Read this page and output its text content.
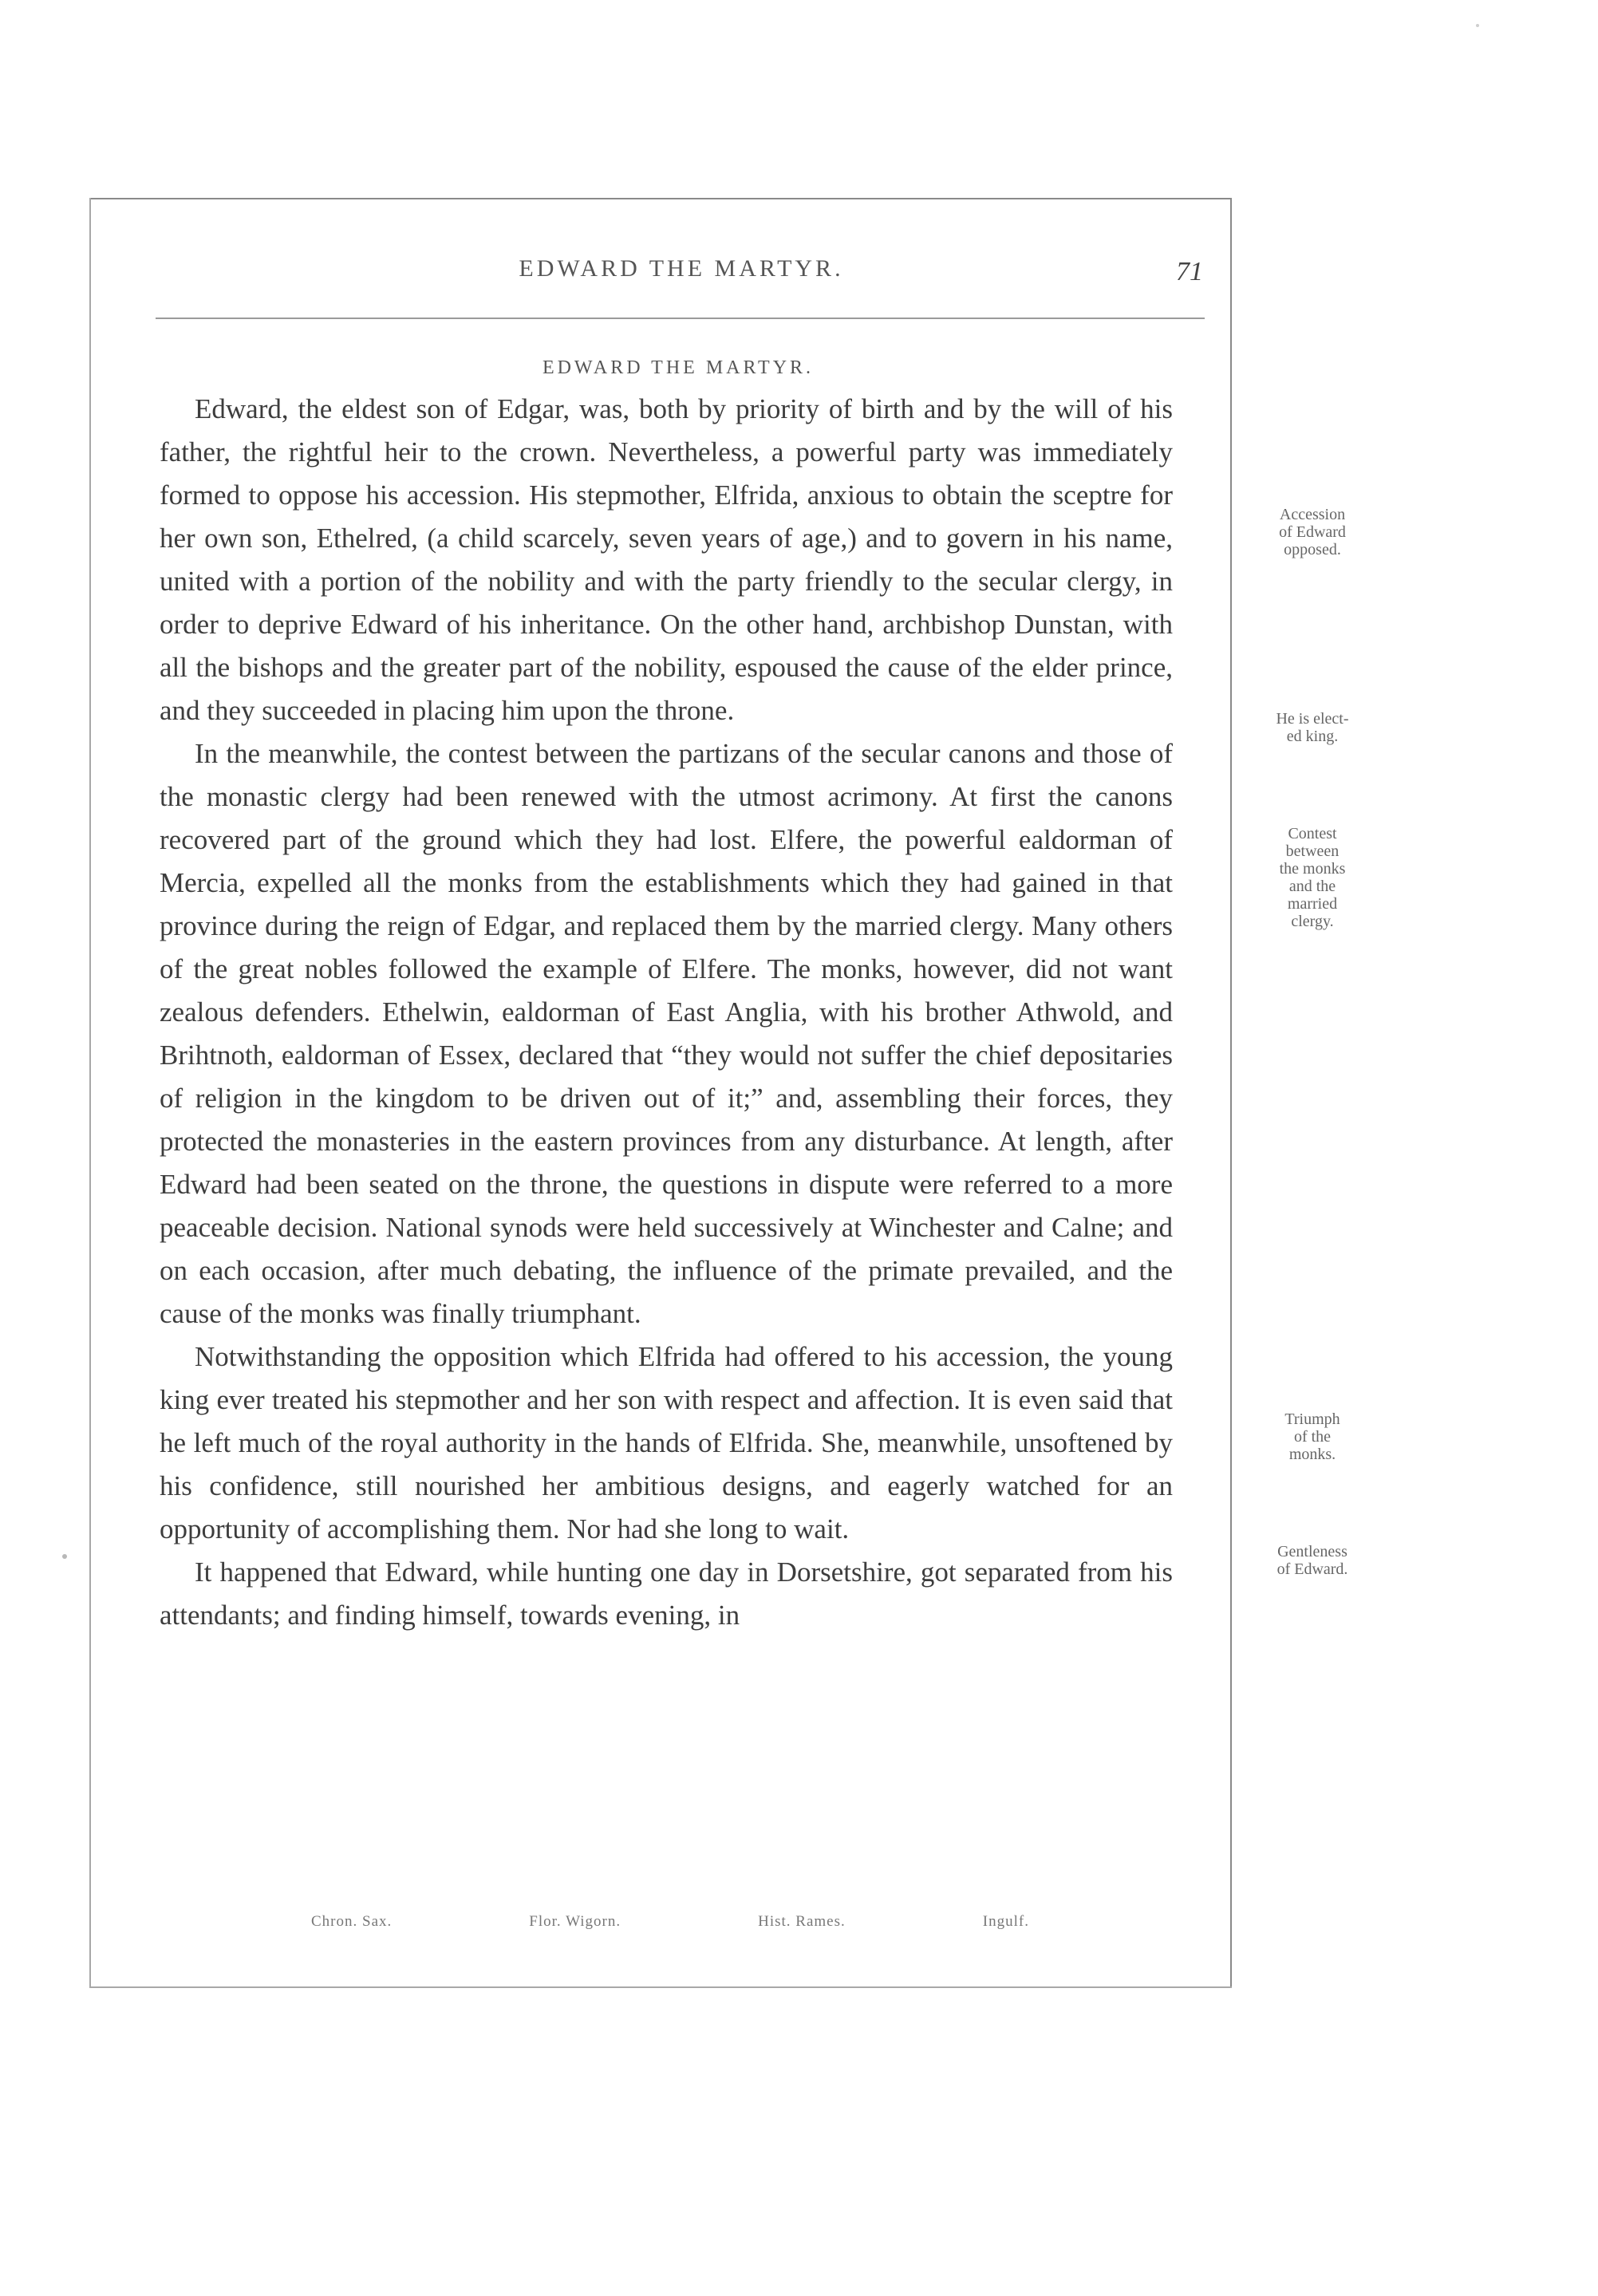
EDWARD THE MARTYR.	71
EDWARD THE MARTYR.

Edward, the eldest son of Edgar, was, both by priority of birth and by the will of his father, the rightful heir to the crown. Nevertheless, a powerful party was immediately formed to oppose his accession. His stepmother, Elfrida, anxious to obtain the sceptre for her own son, Ethelred, (a child scarcely, seven years of age,) and to govern in his name, united with a portion of the nobility and with the party friendly to the secular clergy, in order to deprive Edward of his inheritance. On the other hand, archbishop Dunstan, with all the bishops and the greater part of the nobility, espoused the cause of the elder prince, and they succeeded in placing him upon the throne.

In the meanwhile, the contest between the partizans of the secular canons and those of the monastic clergy had been renewed with the utmost acrimony. At first the canons recovered part of the ground which they had lost. Elfere, the powerful ealdorman of Mercia, expelled all the monks from the establishments which they had gained in that province during the reign of Edgar, and replaced them by the married clergy. Many others of the great nobles followed the example of Elfere. The monks, however, did not want zealous defenders. Ethelwin, ealdorman of East Anglia, with his brother Athwold, and Brihtnoth, ealdorman of Essex, declared that “they would not suffer the chief depositaries of religion in the kingdom to be driven out of it;” and, assembling their forces, they protected the monasteries in the eastern provinces from any disturbance. At length, after Edward had been seated on the throne, the questions in dispute were referred to a more peaceable decision. National synods were held successively at Winchester and Calne; and on each occasion, after much debating, the influence of the primate prevailed, and the cause of the monks was finally triumphant.

Notwithstanding the opposition which Elfrida had offered to his accession, the young king ever treated his stepmother and her son with respect and affection. It is even said that he left much of the royal authority in the hands of Elfrida. She, meanwhile, unsoftened by his confidence, still nourished her ambitious designs, and eagerly watched for an opportunity of accomplishing them. Nor had she long to wait.

It happened that Edward, while hunting one day in Dorsetshire, got separated from his attendants; and finding himself, towards evening, in

Accession
of Edward
opposed.
He is elect-
ed king.
Contest
between
the monks
and the
married
clergy.
Triumph
of the
monks.
Gentleness
of Edward.
Chron. Sax.	Flor. Wigorn.	Hist. Rames.	Ingulf.
